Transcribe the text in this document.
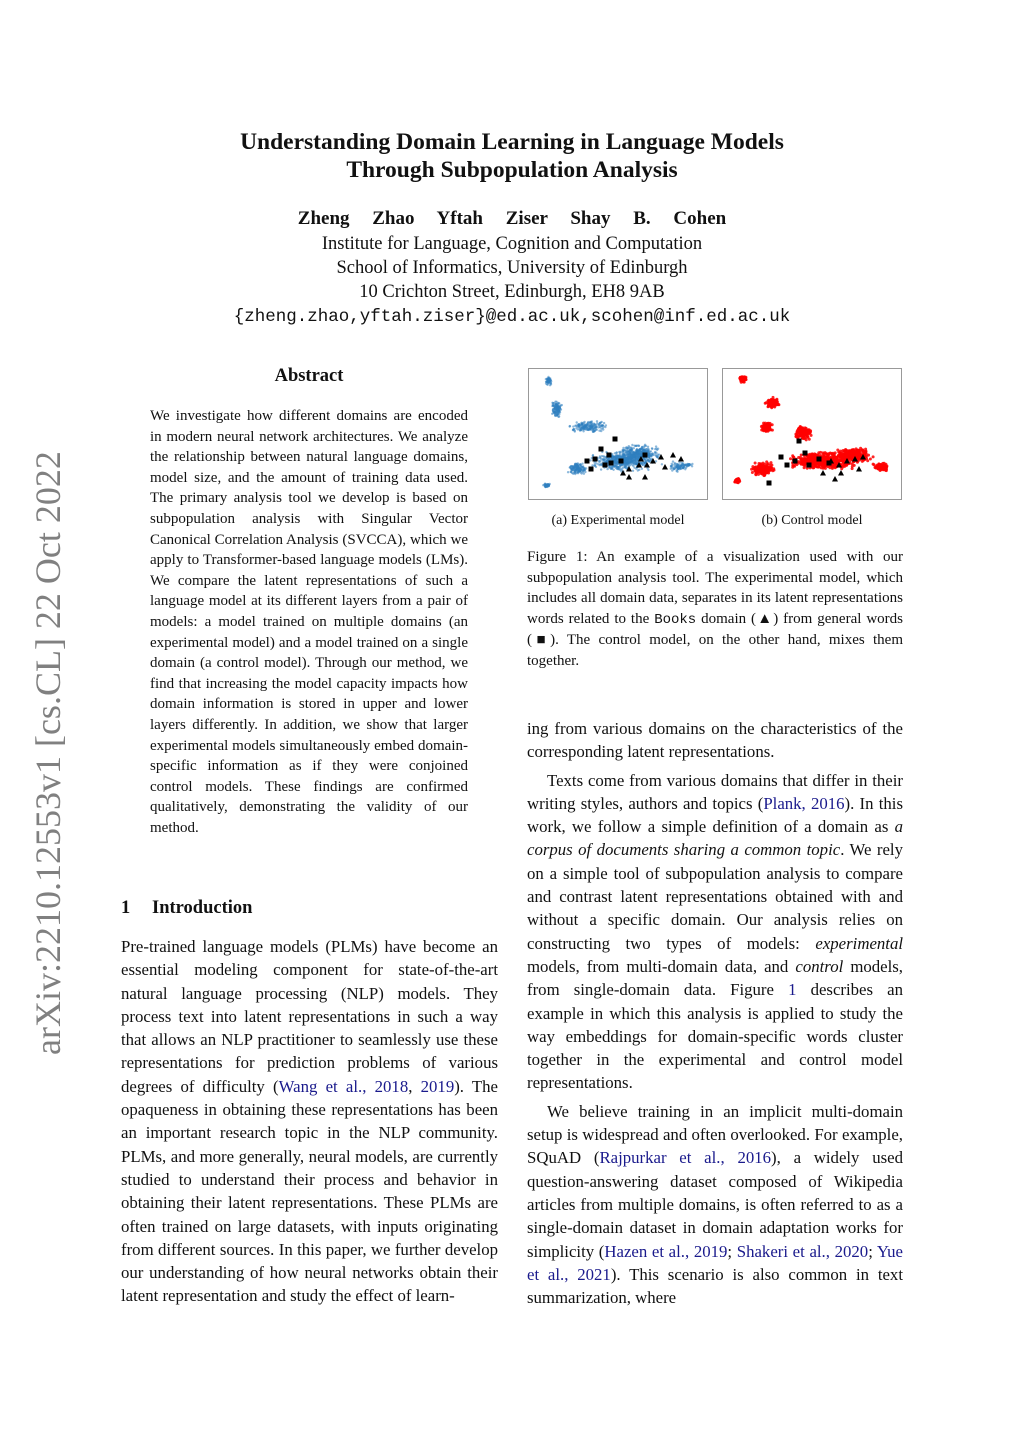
Understanding Domain Learning in Language Models
Through Subpopulation Analysis
Zheng Zhao Yftah Ziser Shay B. Cohen
Institute for Language, Cognition and Computation
School of Informatics, University of Edinburgh
10 Crichton Street, Edinburgh, EH8 9AB
{zheng.zhao,yftah.ziser}@ed.ac.uk,scohen@inf.ed.ac.uk
arXiv:2210.12553v1 [cs.CL] 22 Oct 2022
Abstract
We investigate how different domains are encoded in modern neural network architectures. We analyze the relationship between natural language domains, model size, and the amount of training data used. The primary analysis tool we develop is based on subpopulation analysis with Singular Vector Canonical Correlation Analysis (SVCCA), which we apply to Transformer-based language models (LMs). We compare the latent representations of such a language model at its different layers from a pair of models: a model trained on multiple domains (an experimental model) and a model trained on a single domain (a control model). Through our method, we find that increasing the model capacity impacts how domain information is stored in upper and lower layers differently. In addition, we show that larger experimental models simultaneously embed domain-specific information as if they were conjoined control models. These findings are confirmed qualitatively, demonstrating the validity of our method.
1 Introduction

Pre-trained language models (PLMs) have become an essential modeling component for state-of-the-art natural language processing (NLP) models. They process text into latent representations in such a way that allows an NLP practitioner to seamlessly use these representations for prediction problems of various degrees of difficulty (Wang et al., 2018, 2019). The opaqueness in obtaining these representations has been an important research topic in the NLP community. PLMs, and more generally, neural models, are currently studied to understand their process and behavior in obtaining their latent representations. These PLMs are often trained on large datasets, with inputs originating from different sources. In this paper, we further develop our understanding of how neural networks obtain their latent representation and study the effect of learn-

(a) Experimental model	(b) Control model
Figure 1: An example of a visualization used with our subpopulation analysis tool. The experimental model, which includes all domain data, separates in its latent representations words related to the Books domain (▲) from general words (■). The control model, on the other hand, mixes them together.

ing from various domains on the characteristics of the corresponding latent representations.

Texts come from various domains that differ in their writing styles, authors and topics (Plank, 2016). In this work, we follow a simple definition of a domain as a corpus of documents sharing a common topic. We rely on a simple tool of subpopulation analysis to compare and contrast latent representations obtained with and without a specific domain. Our analysis relies on constructing two types of models: experimental models, from multi-domain data, and control models, from single-domain data. Figure 1 describes an example in which this analysis is applied to study the way embeddings for domain-specific words cluster together in the experimental and control model representations.

We believe training in an implicit multi-domain setup is widespread and often overlooked. For example, SQuAD (Rajpurkar et al., 2016), a widely used question-answering dataset composed of Wikipedia articles from multiple domains, is often referred to as a single-domain dataset in domain adaptation works for simplicity (Hazen et al., 2019; Shakeri et al., 2020; Yue et al., 2021). This scenario is also common in text summarization, where
